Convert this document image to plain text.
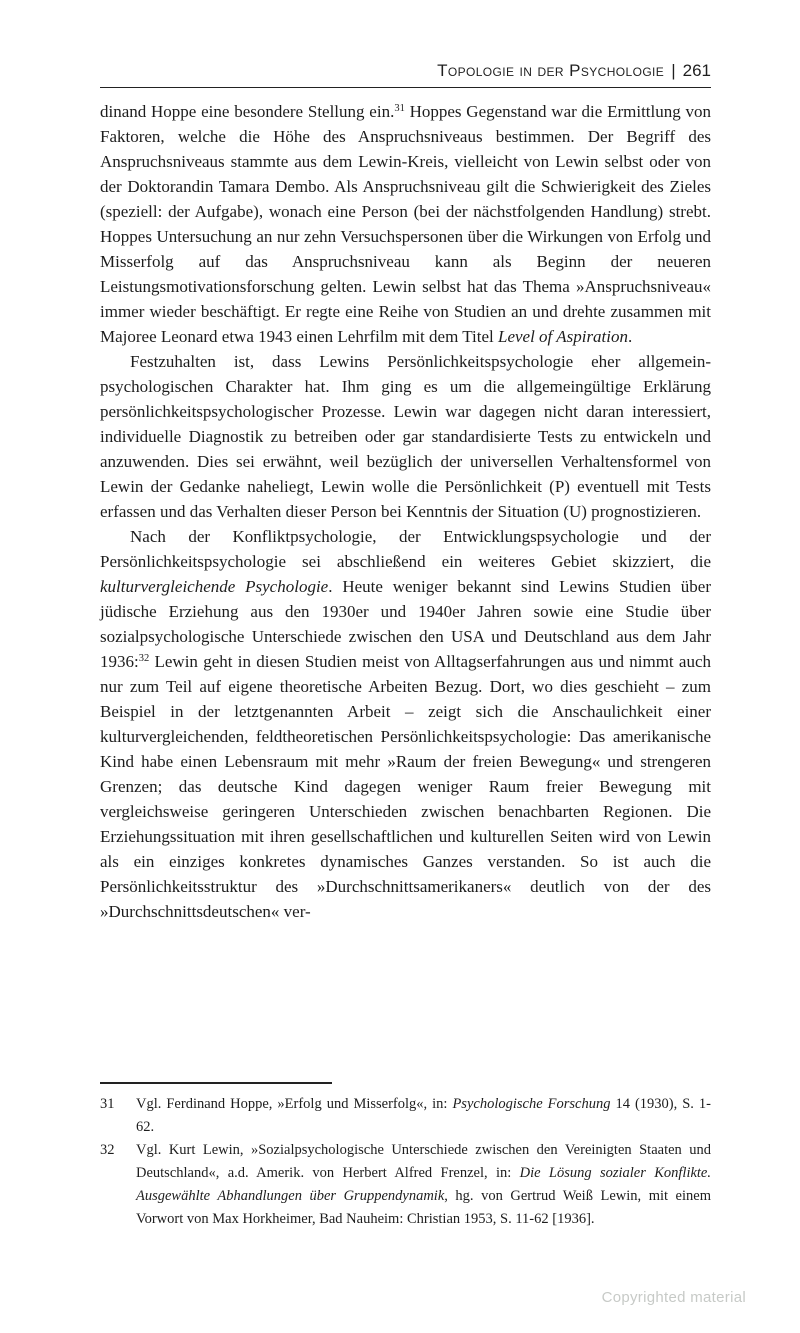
Topologie in der Psychologie | 261

dinand Hoppe eine besondere Stellung ein.$^{31}$ Hoppes Gegenstand war die Ermittlung von Faktoren, welche die Höhe des Anspruchsniveaus bestimmen. Der Begriff des Anspruchsniveaus stammte aus dem Lewin-Kreis, vielleicht von Lewin selbst oder von der Doktorandin Tamara Dembo. Als Anspruchsniveau gilt die Schwierigkeit des Zieles (speziell: der Aufgabe), wonach eine Person (bei der nächstfolgenden Handlung) strebt. Hoppes Untersuchung an nur zehn Versuchspersonen über die Wirkungen von Erfolg und Misserfolg auf das Anspruchsniveau kann als Beginn der neueren Leistungsmotivationsforschung gelten. Lewin selbst hat das Thema »Anspruchsniveau« immer wieder beschäftigt. Er regte eine Reihe von Studien an und drehte zusammen mit Majoree Leonard etwa 1943 einen Lehrfilm mit dem Titel Level of Aspiration.

Festzuhalten ist, dass Lewins Persönlichkeitspsychologie eher allgemein-psychologischen Charakter hat. Ihm ging es um die allgemeingültige Erklärung persönlichkeitspsychologischer Prozesse. Lewin war dagegen nicht daran interessiert, individuelle Diagnostik zu betreiben oder gar standardisierte Tests zu entwickeln und anzuwenden. Dies sei erwähnt, weil bezüglich der universellen Verhaltensformel von Lewin der Gedanke naheliegt, Lewin wolle die Persönlichkeit (P) eventuell mit Tests erfassen und das Verhalten dieser Person bei Kenntnis der Situation (U) prognostizieren.

Nach der Konfliktpsychologie, der Entwicklungspsychologie und der Persönlichkeitspsychologie sei abschließend ein weiteres Gebiet skizziert, die kulturvergleichende Psychologie. Heute weniger bekannt sind Lewins Studien über jüdische Erziehung aus den 1930er und 1940er Jahren sowie eine Studie über sozialpsychologische Unterschiede zwischen den USA und Deutschland aus dem Jahr 1936:$^{32}$ Lewin geht in diesen Studien meist von Alltagserfahrungen aus und nimmt auch nur zum Teil auf eigene theoretische Arbeiten Bezug. Dort, wo dies geschieht – zum Beispiel in der letztgenannten Arbeit – zeigt sich die Anschaulichkeit einer kulturvergleichenden, feldtheoretischen Persönlichkeitspsychologie: Das amerikanische Kind habe einen Lebensraum mit mehr »Raum der freien Bewegung« und strengeren Grenzen; das deutsche Kind dagegen weniger Raum freier Bewegung mit vergleichsweise geringeren Unterschieden zwischen benachbarten Regionen. Die Erziehungssituation mit ihren gesellschaftlichen und kulturellen Seiten wird von Lewin als ein einziges konkretes dynamisches Ganzes verstanden. So ist auch die Persönlichkeitsstruktur des »Durchschnittsamerikaners« deutlich von der des »Durchschnittsdeutschen« ver-

31	Vgl. Ferdinand Hoppe, »Erfolg und Misserfolg«, in: Psychologische Forschung 14 (1930), S. 1-62.
32	Vgl. Kurt Lewin, »Sozialpsychologische Unterschiede zwischen den Vereinigten Staaten und Deutschland«, a.d. Amerik. von Herbert Alfred Frenzel, in: Die Lösung sozialer Konflikte. Ausgewählte Abhandlungen über Gruppendynamik, hg. von Gertrud Weiß Lewin, mit einem Vorwort von Max Horkheimer, Bad Nauheim: Christian 1953, S. 11-62 [1936].
Copyrighted material
